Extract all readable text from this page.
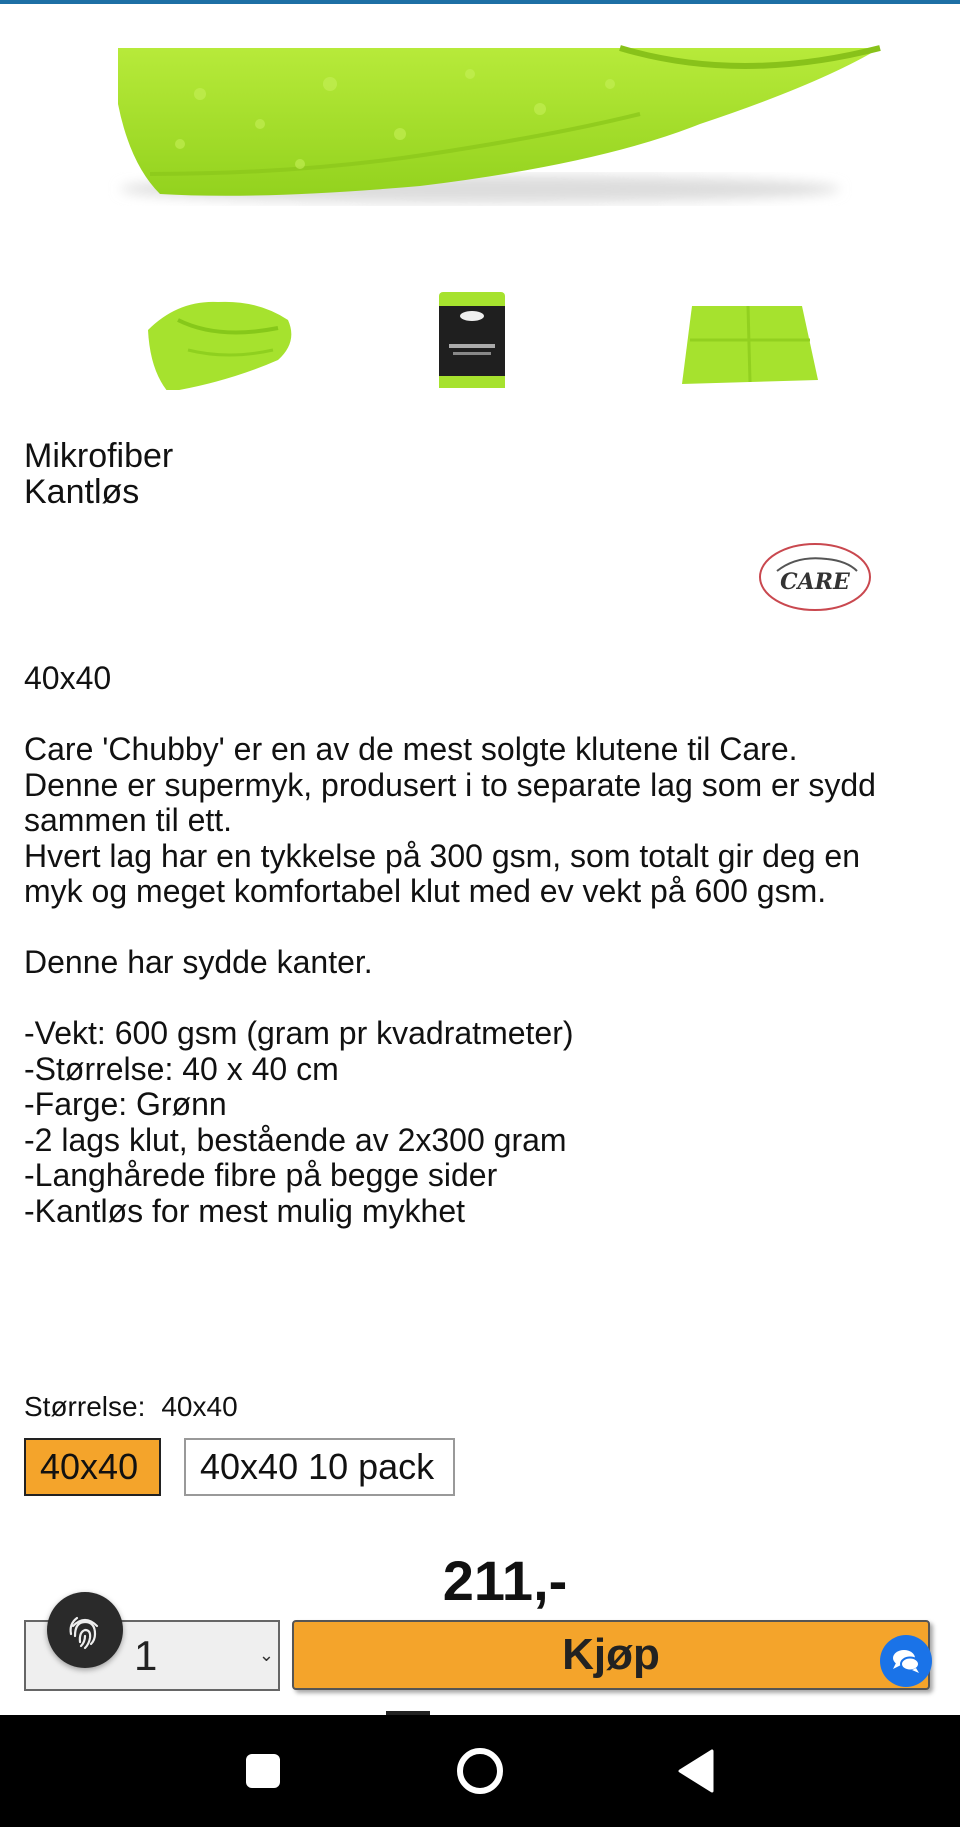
Mikrofiber
Kantløs
CARE

40x40

Care 'Chubby' er en av de mest solgte klutene til Care.
Denne er supermyk, produsert i to separate lag som er sydd sammen til ett.
Hvert lag har en tykkelse på 300 gsm, som totalt gir deg en
myk og meget komfortabel klut med ev vekt på 600 gsm.

Denne har sydde kanter.

-Vekt: 600 gsm (gram pr kvadratmeter)
-Størrelse: 40 x 40 cm
-Farge: Grønn
-2 lags klut, bestående av 2x300 gram
-Langhårede fibre på begge sider
-Kantløs for mest mulig mykhet

Størrelse: 40x40
40x40	40x40 10 pack
211,-
1	⌄	Kjøp
